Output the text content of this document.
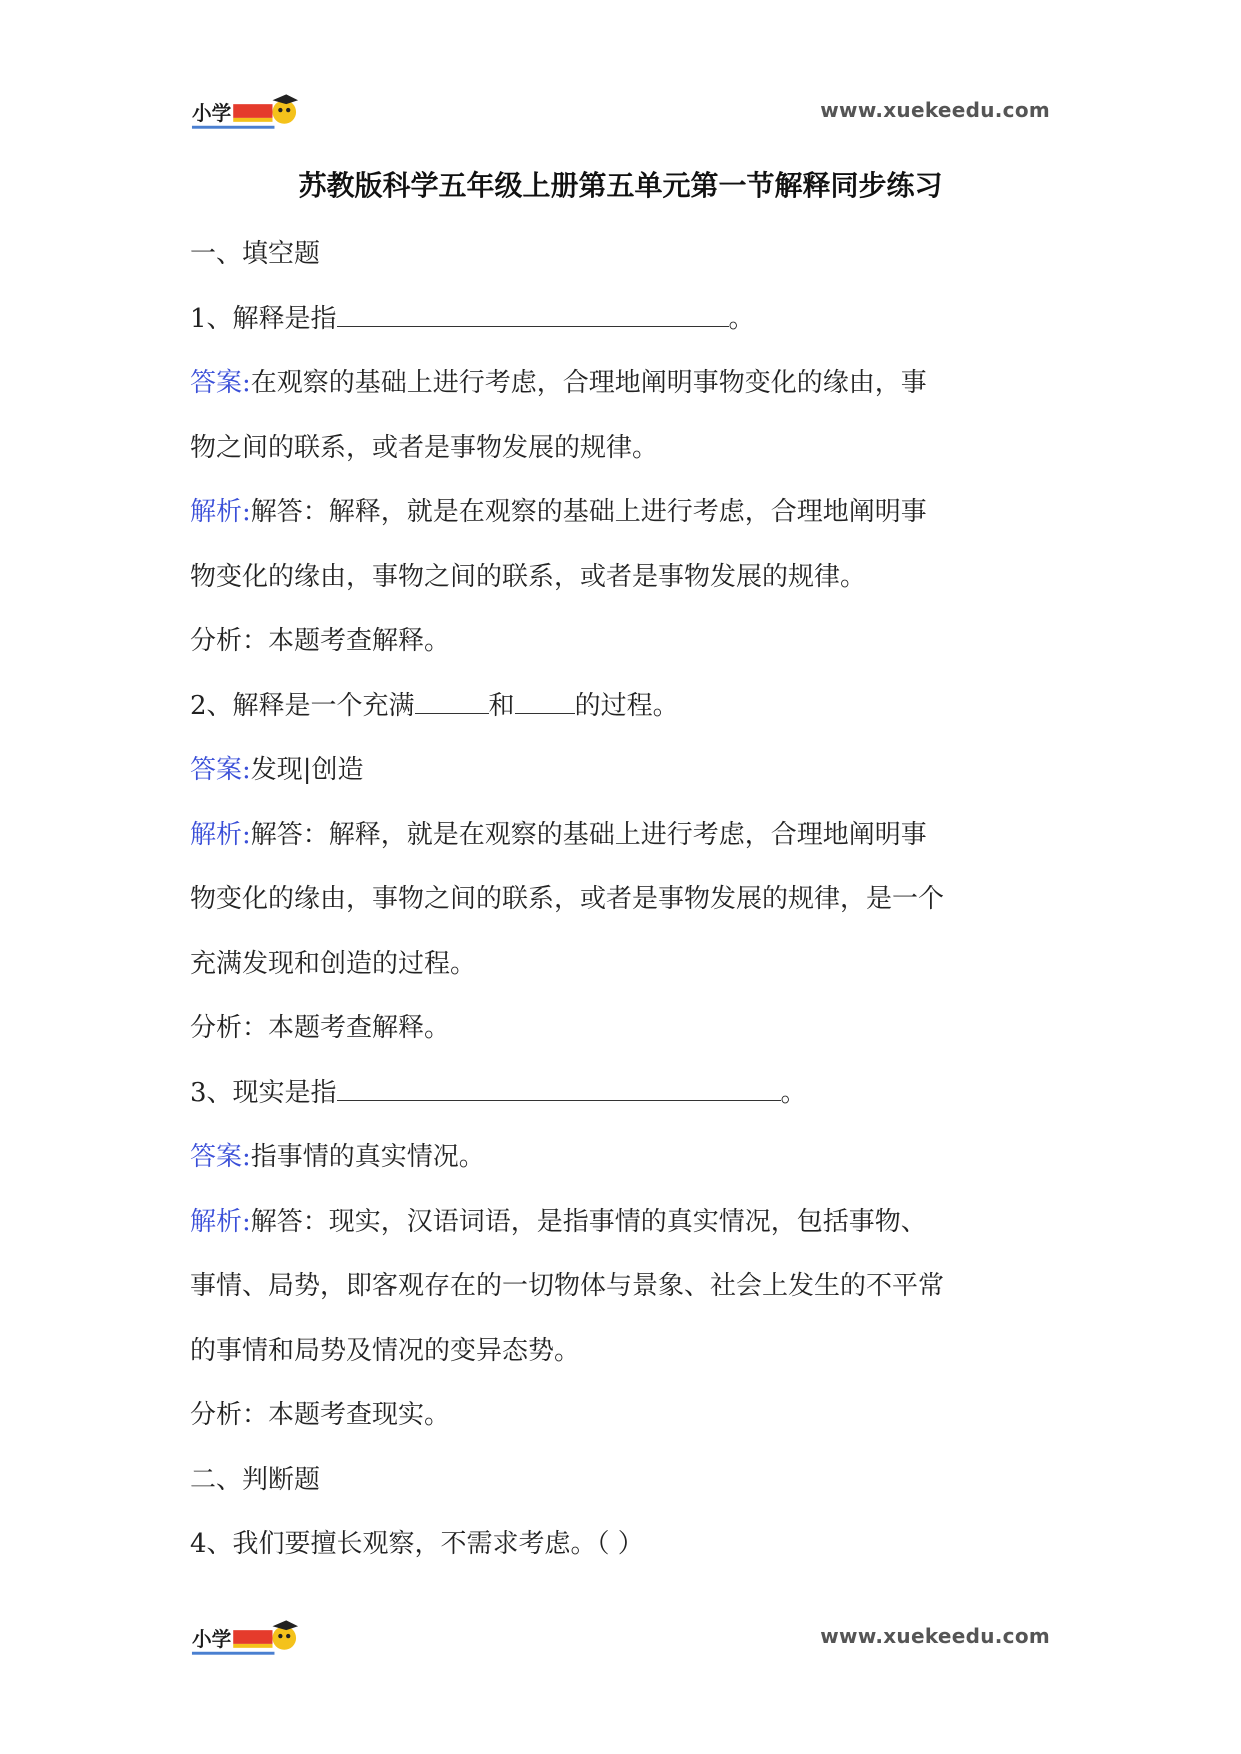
www.xuekeedu.com
苏教版科学五年级上册第五单元第一节解释同步练习
一、填空题
1、解释是指	。
答案:在观察的基础上进行考虑，合理地阐明事物变化的缘由，事
物之间的联系，或者是事物发展的规律。
解析:解答：解释，就是在观察的基础上进行考虑，合理地阐明事
物变化的缘由，事物之间的联系，或者是事物发展的规律。
分析：本题考查解释。
2、解释是一个充满	和 的过程。
答案:发现|创造
解析:解答：解释，就是在观察的基础上进行考虑，合理地阐明事
物变化的缘由，事物之间的联系，或者是事物发展的规律，是一个
充满发现和创造的过程。
分析：本题考查解释。
3、现实是指	。
答案:指事情的真实情况。
解析:解答：现实，汉语词语，是指事情的真实情况，包括事物、
事情、局势，即客观存在的一切物体与景象、社会上发生的不平常
的事情和局势及情况的变异态势。
分析：本题考查现实。
二、判断题
4、我们要擅长观察，不需求考虑。（ ）
www.xuekeedu.com
